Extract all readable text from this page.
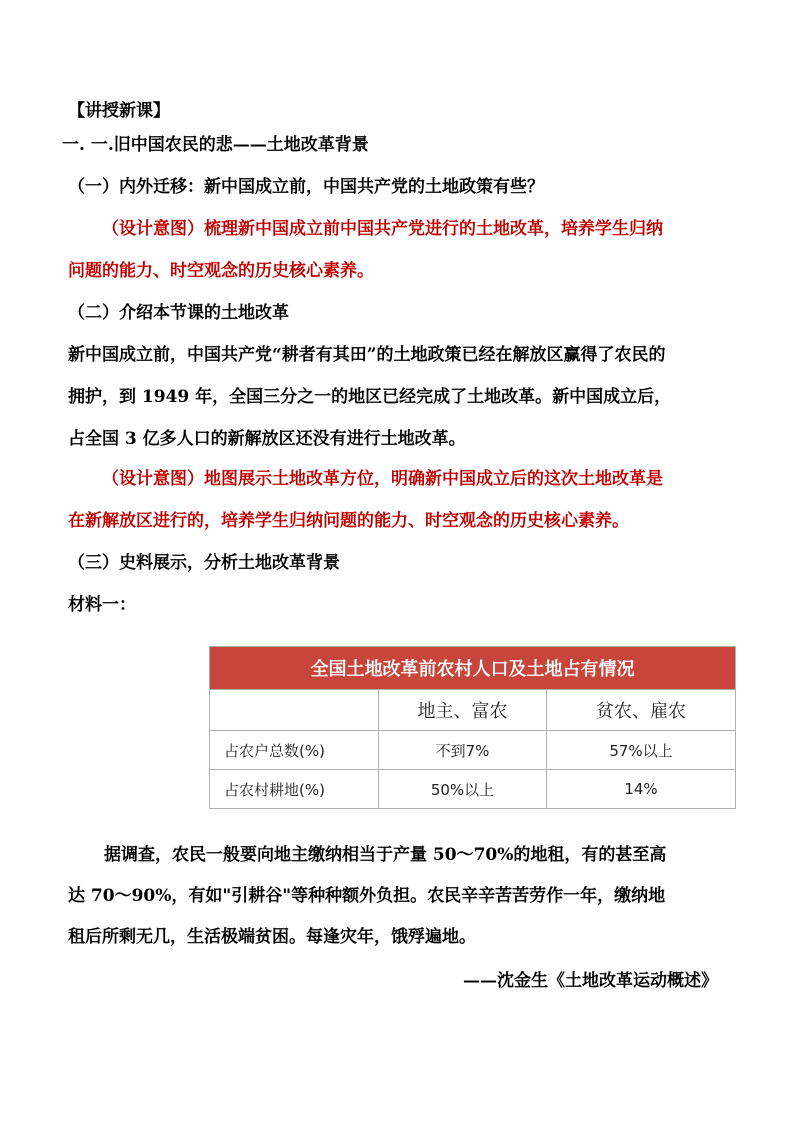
【讲授新课】
一. 一.旧中国农民的悲——土地改革背景
（一）内外迁移：新中国成立前，中国共产党的土地政策有些？
（设计意图）梳理新中国成立前中国共产党进行的土地改革，培养学生归纳
问题的能力、时空观念的历史核心素养。
（二）介绍本节课的土地改革
新中国成立前，中国共产党“耕者有其田”的土地政策已经在解放区赢得了农民的
拥护，到 1949 年，全国三分之一的地区已经完成了土地改革。新中国成立后，
占全国 3 亿多人口的新解放区还没有进行土地改革。
（设计意图）地图展示土地改革方位，明确新中国成立后的这次土地改革是
在新解放区进行的，培养学生归纳问题的能力、时空观念的历史核心素养。
（三）史料展示，分析土地改革背景
材料一：
全国土地改革前农村人口及土地占有情况		
	地主、富农	贫农、雇农
占农户总数(%)	不到7%	57%以上
占农村耕地(%)	50%以上	14%
据调查，农民一般要向地主缴纳相当于产量 50～70%的地租，有的甚至高
达 70～90%，有如"引耕谷"等种种额外负担。农民辛辛苦苦劳作一年，缴纳地
租后所剩无几，生活极端贫困。每逢灾年，饿殍遍地。
——沈金生《土地改革运动概述》
